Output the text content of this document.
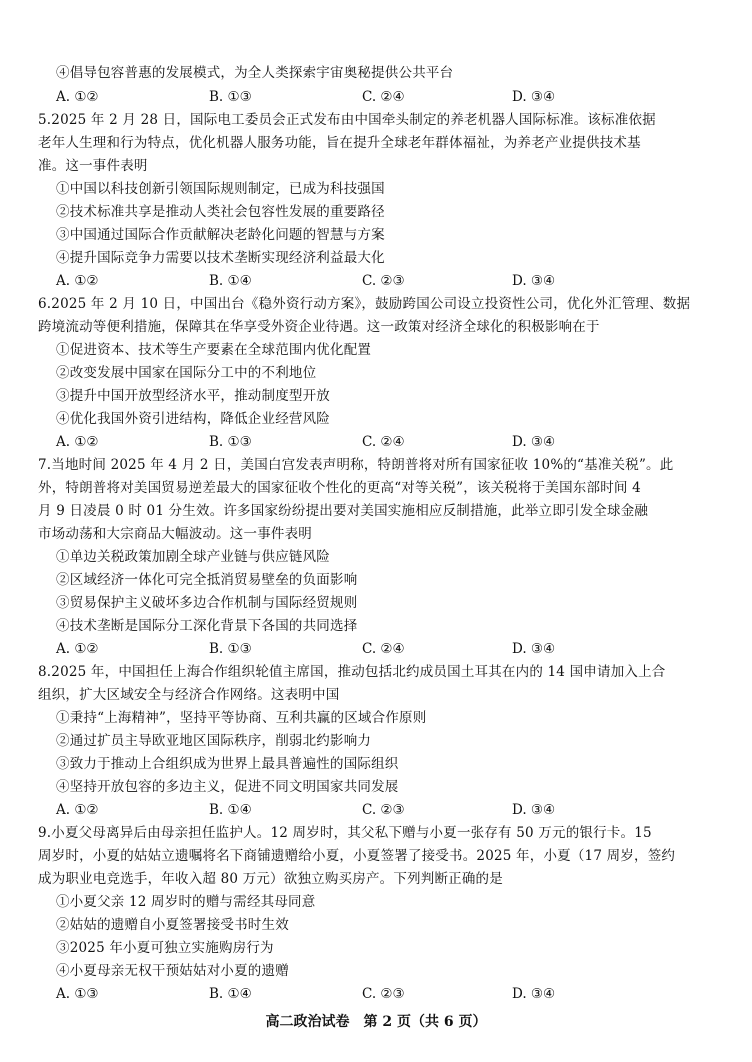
④倡导包容普惠的发展模式，为全人类探索宇宙奥秘提供公共平台
A. ①②	B. ①③	C. ②④	D. ③④
5.2025 年 2 月 28 日，国际电工委员会正式发布由中国牵头制定的养老机器人国际标准。该标准依据
老年人生理和行为特点，优化机器人服务功能，旨在提升全球老年群体福祉，为养老产业提供技术基
准。这一事件表明
①中国以科技创新引领国际规则制定，已成为科技强国
②技术标准共享是推动人类社会包容性发展的重要路径
③中国通过国际合作贡献解决老龄化问题的智慧与方案
④提升国际竞争力需要以技术垄断实现经济利益最大化
A. ①②	B. ①④	C. ②③	D. ③④
6.2025 年 2 月 10 日，中国出台《稳外资行动方案》，鼓励跨国公司设立投资性公司，优化外汇管理、数据
跨境流动等便利措施，保障其在华享受外资企业待遇。这一政策对经济全球化的积极影响在于
①促进资本、技术等生产要素在全球范围内优化配置
②改变发展中国家在国际分工中的不利地位
③提升中国开放型经济水平，推动制度型开放
④优化我国外资引进结构，降低企业经营风险
A. ①②	B. ①③	C. ②④	D. ③④
7.当地时间 2025 年 4 月 2 日，美国白宫发表声明称，特朗普将对所有国家征收 10%的“基准关税”。此
外，特朗普将对美国贸易逆差最大的国家征收个性化的更高“对等关税”，该关税将于美国东部时间 4
月 9 日凌晨 0 时 01 分生效。许多国家纷纷提出要对美国实施相应反制措施，此举立即引发全球金融
市场动荡和大宗商品大幅波动。这一事件表明
①单边关税政策加剧全球产业链与供应链风险
②区域经济一体化可完全抵消贸易壁垒的负面影响
③贸易保护主义破坏多边合作机制与国际经贸规则
④技术垄断是国际分工深化背景下各国的共同选择
A. ①②	B. ①③	C. ②④	D. ③④
8.2025 年，中国担任上海合作组织轮值主席国，推动包括北约成员国土耳其在内的 14 国申请加入上合
组织，扩大区域安全与经济合作网络。这表明中国
①秉持“上海精神”，坚持平等协商、互利共赢的区域合作原则
②通过扩员主导欧亚地区国际秩序，削弱北约影响力
③致力于推动上合组织成为世界上最具普遍性的国际组织
④坚持开放包容的多边主义，促进不同文明国家共同发展
A. ①②	B. ①④	C. ②③	D. ③④
9.小夏父母离异后由母亲担任监护人。12 周岁时，其父私下赠与小夏一张存有 50 万元的银行卡。15
周岁时，小夏的姑姑立遗嘱将名下商铺遗赠给小夏，小夏签署了接受书。2025 年，小夏（17 周岁，签约
成为职业电竞选手，年收入超 80 万元）欲独立购买房产。下列判断正确的是
①小夏父亲 12 周岁时的赠与需经其母同意
②姑姑的遗赠自小夏签署接受书时生效
③2025 年小夏可独立实施购房行为
④小夏母亲无权干预姑姑对小夏的遗赠
A. ①③	B. ①④	C. ②③	D. ③④
高二政治试卷　第 2 页（共 6 页）
